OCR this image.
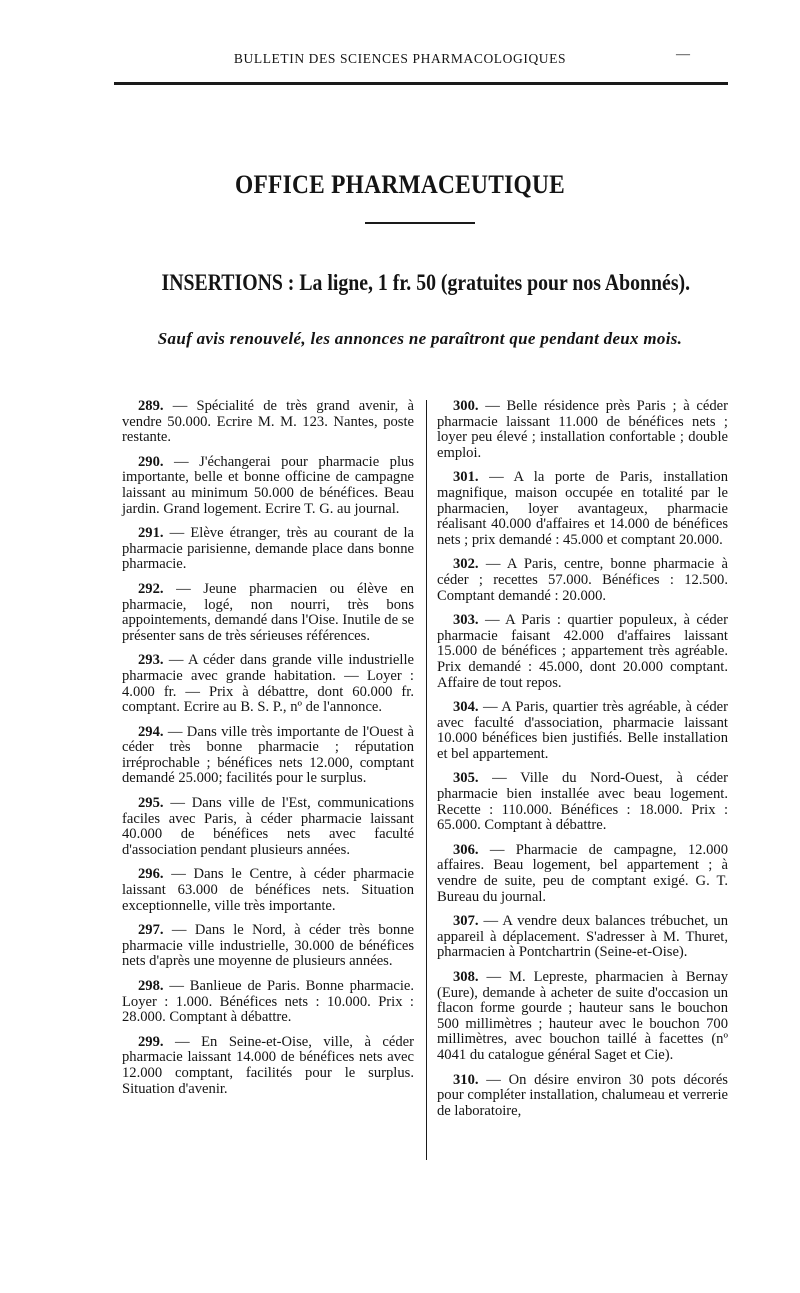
BULLETIN DES SCIENCES PHARMACOLOGIQUES	—
OFFICE PHARMACEUTIQUE
INSERTIONS : La ligne, 1 fr. 50 (gratuites pour nos Abonnés).
Sauf avis renouvelé, les annonces ne paraîtront que pendant deux mois.

289. — Spécialité de très grand avenir, à vendre 50.000. Ecrire M. M. 123. Nantes, poste restante.

290. — J'échangerai pour pharmacie plus importante, belle et bonne officine de campagne laissant au minimum 50.000 de bénéfices. Beau jardin. Grand logement. Ecrire T. G. au journal.

291. — Elève étranger, très au courant de la pharmacie parisienne, demande place dans bonne pharmacie.

292. — Jeune pharmacien ou élève en pharmacie, logé, non nourri, très bons appointements, demandé dans l'Oise. Inutile de se présenter sans de très sérieuses références.

293. — A céder dans grande ville industrielle pharmacie avec grande habitation. — Loyer : 4.000 fr. — Prix à débattre, dont 60.000 fr. comptant. Ecrire au B. S. P., nº de l'annonce.

294. — Dans ville très importante de l'Ouest à céder très bonne pharmacie ; réputation irréprochable ; bénéfices nets 12.000, comptant demandé 25.000; facilités pour le surplus.

295. — Dans ville de l'Est, communications faciles avec Paris, à céder pharmacie laissant 40.000 de bénéfices nets avec faculté d'association pendant plusieurs années.

296. — Dans le Centre, à céder pharmacie laissant 63.000 de bénéfices nets. Situation exceptionnelle, ville très importante.

297. — Dans le Nord, à céder très bonne pharmacie ville industrielle, 30.000 de bénéfices nets d'après une moyenne de plusieurs années.

298. — Banlieue de Paris. Bonne pharmacie. Loyer : 1.000. Bénéfices nets : 10.000. Prix : 28.000. Comptant à débattre.

299. — En Seine-et-Oise, ville, à céder pharmacie laissant 14.000 de bénéfices nets avec 12.000 comptant, facilités pour le surplus. Situation d'avenir.

300. — Belle résidence près Paris ; à céder pharmacie laissant 11.000 de bénéfices nets ; loyer peu élevé ; installation confortable ; double emploi.

301. — A la porte de Paris, installation magnifique, maison occupée en totalité par le pharmacien, loyer avantageux, pharmacie réalisant 40.000 d'affaires et 14.000 de bénéfices nets ; prix demandé : 45.000 et comptant 20.000.

302. — A Paris, centre, bonne pharmacie à céder ; recettes 57.000. Bénéfices : 12.500. Comptant demandé : 20.000.

303. — A Paris : quartier populeux, à céder pharmacie faisant 42.000 d'affaires laissant 15.000 de bénéfices ; appartement très agréable. Prix demandé : 45.000, dont 20.000 comptant. Affaire de tout repos.

304. — A Paris, quartier très agréable, à céder avec faculté d'association, pharmacie laissant 10.000 bénéfices bien justifiés. Belle installation et bel appartement.

305. — Ville du Nord-Ouest, à céder pharmacie bien installée avec beau logement. Recette : 110.000. Bénéfices : 18.000. Prix : 65.000. Comptant à débattre.

306. — Pharmacie de campagne, 12.000 affaires. Beau logement, bel appartement ; à vendre de suite, peu de comptant exigé. G. T. Bureau du journal.

307. — A vendre deux balances trébuchet, un appareil à déplacement. S'adresser à M. Thuret, pharmacien à Pontchartrin (Seine-et-Oise).

308. — M. Lepreste, pharmacien à Bernay (Eure), demande à acheter de suite d'occasion un flacon forme gourde ; hauteur sans le bouchon 500 millimètres ; hauteur avec le bouchon 700 millimètres, avec bouchon taillé à facettes (nº 4041 du catalogue général Saget et Cie).

310. — On désire environ 30 pots décorés pour compléter installation, chalumeau et verrerie de laboratoire,
